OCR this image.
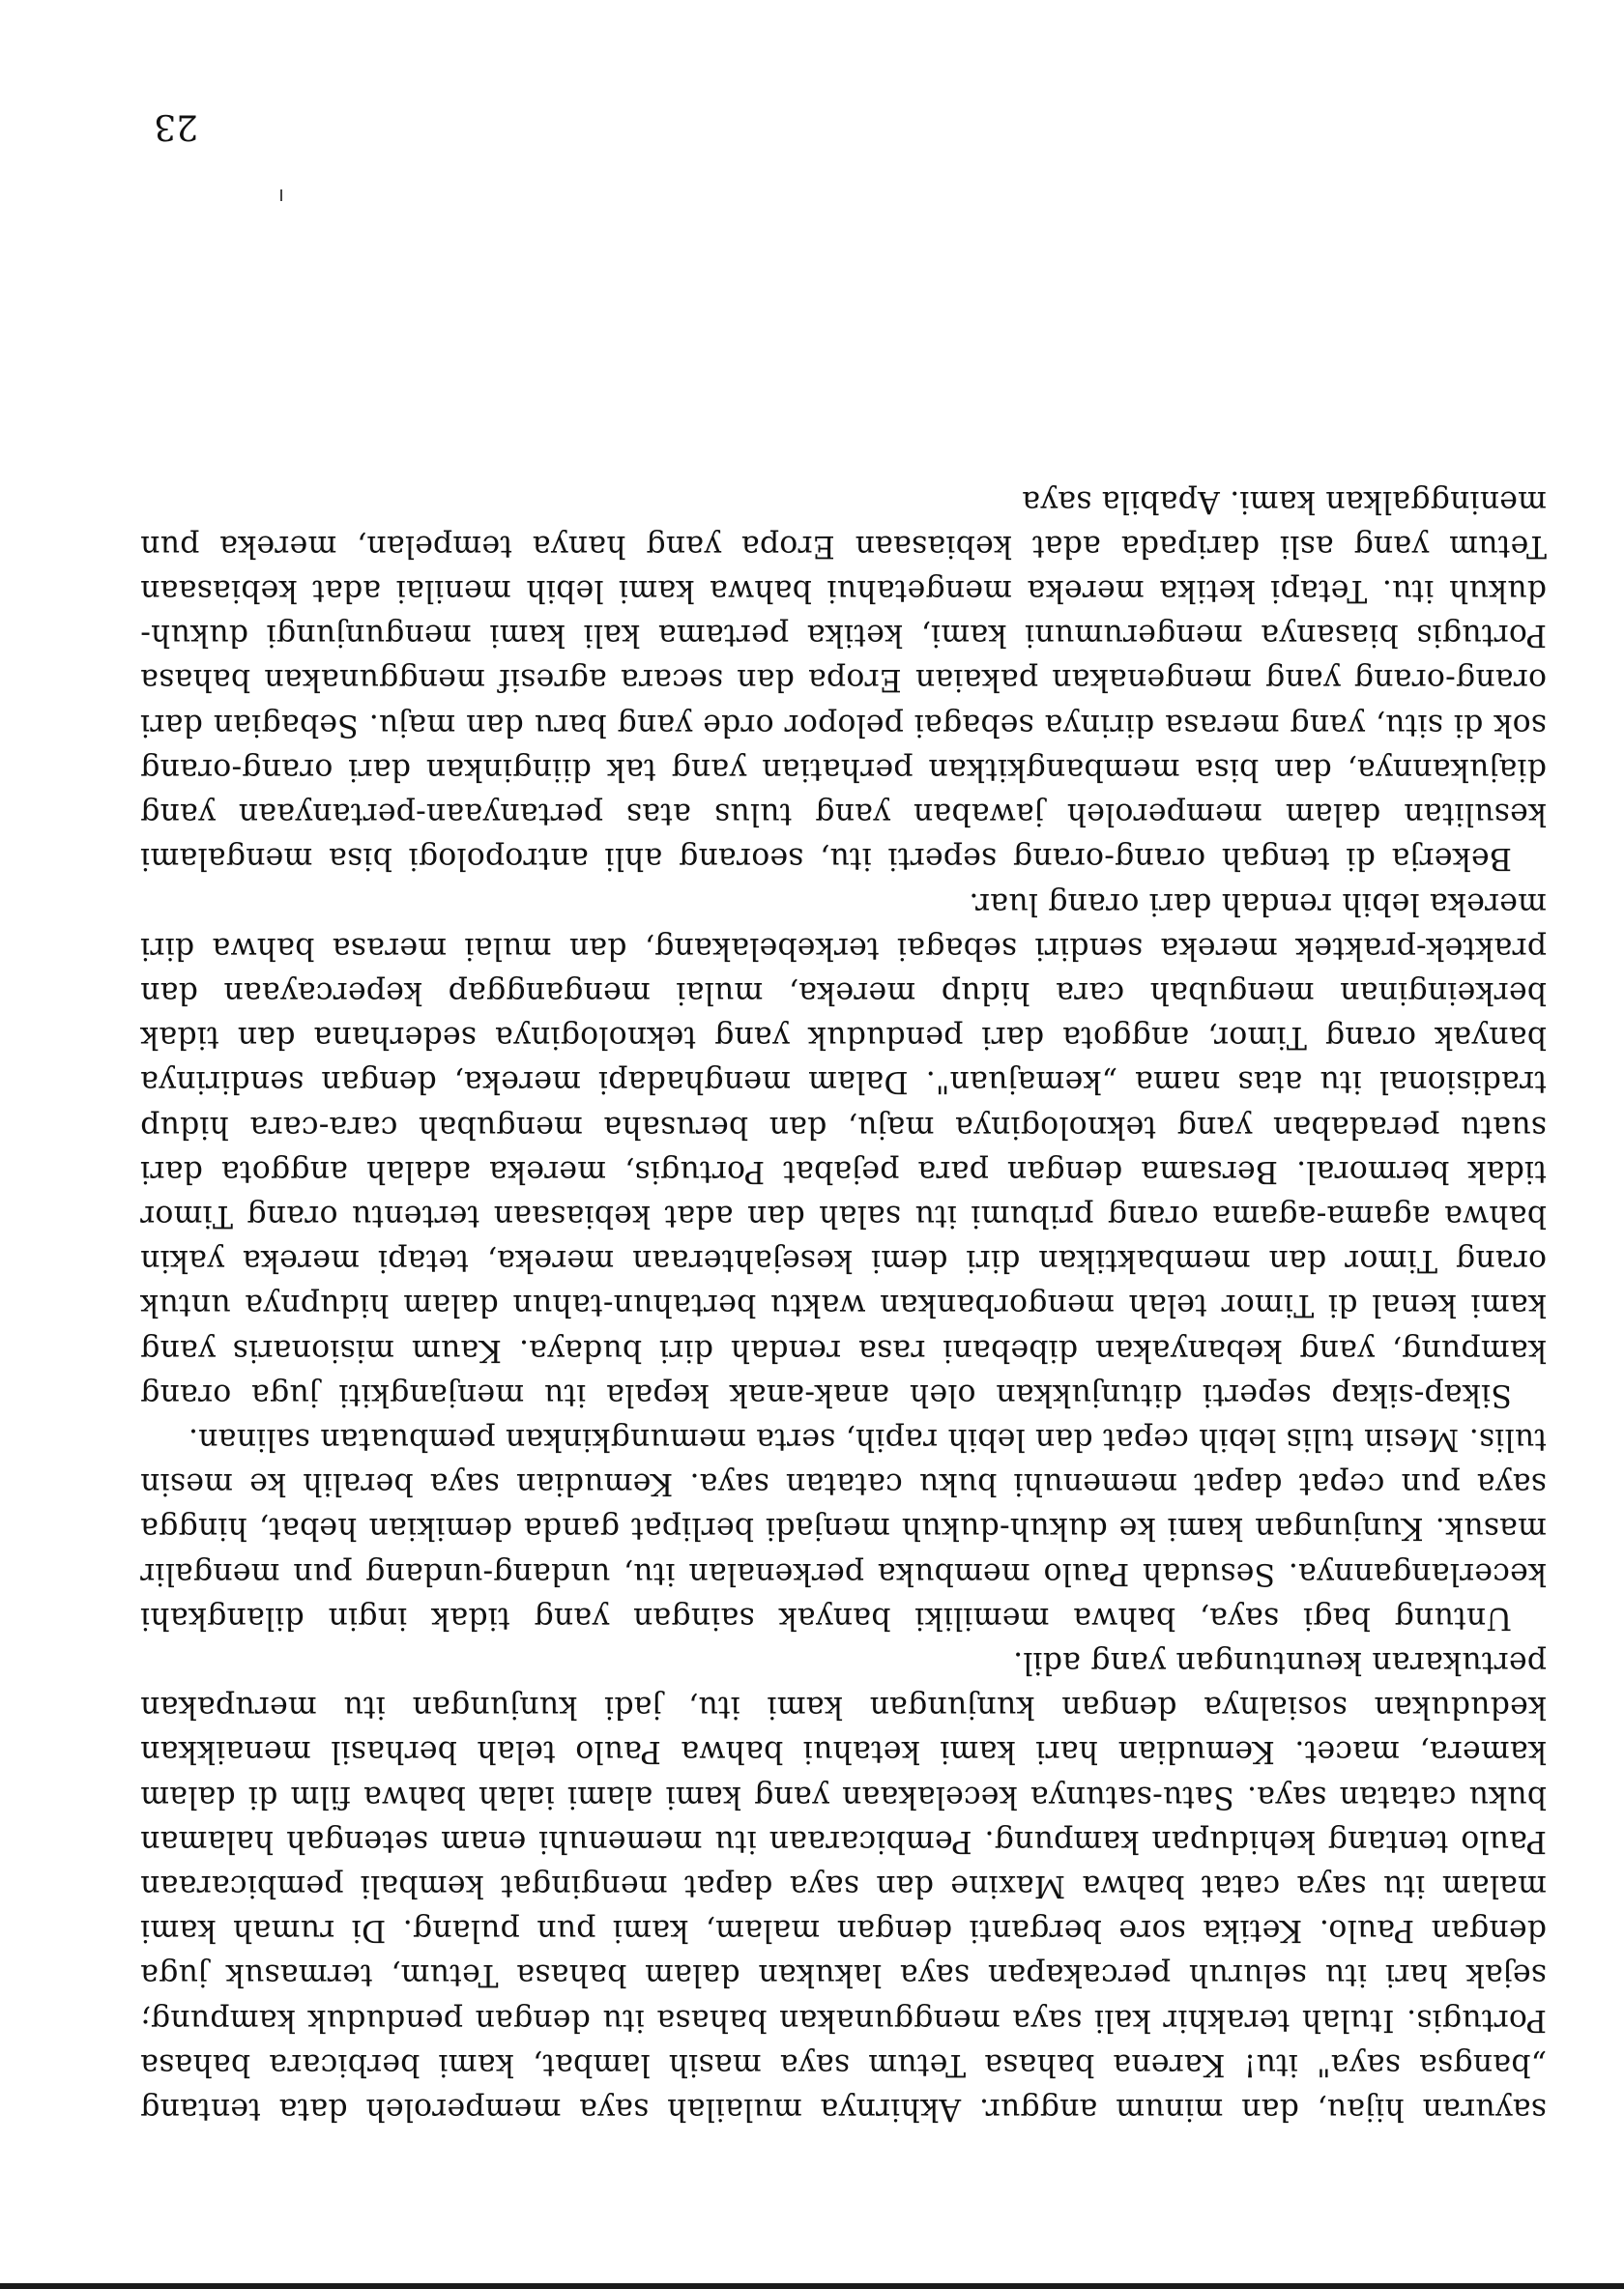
sayuran hijau, dan minum anggur. Akhirnya mulailah saya memperoleh data tentang „bangsa saya" itu! Karena bahasa Tetum saya masih lambat, kami berbicara bahasa Portugis. Itulah terakhir kali saya menggunakan bahasa itu dengan penduduk kampung; sejak hari itu seluruh percakapan saya lakukan dalam bahasa Tetum, termasuk juga dengan Paulo. Ketika sore berganti dengan malam, kami pun pulang. Di rumah kami malam itu saya catat bahwa Maxine dan saya dapat mengingat kembali pembicaraan Paulo tentang kehidupan kampung. Pembicaraan itu memenuhi enam setengah halaman buku catatan saya. Satu-satunya kecelakaan yang kami alami ialah bahwa film di dalam kamera, macet. Kemudian hari kami ketahui bahwa Paulo telah berhasil menaikkan kedudukan sosialnya dengan kunjungan kami itu, jadi kunjungan itu merupakan pertukaran keuntungan yang adil.

Untung bagi saya, bahwa memiliki banyak saingan yang tidak ingin dilangkahi kecerlangannya. Sesudah Paulo membuka perkenalan itu, undang-undang pun mengalir masuk. Kunjungan kami ke dukuh-dukuh menjadi berlipat ganda demikian hebat, hingga saya pun cepat dapat memenuhi buku catatan saya. Kemudian saya beralih ke mesin tulis. Mesin tulis lebih cepat dan lebih rapih, serta memungkinkan pembuatan salinan.

Sikap-sikap seperti ditunjukkan oleh anak-anak kepala itu menjangkiti juga orang kampung, yang kebanyakan dibebani rasa rendah diri budaya. Kaum misionaris yang kami kenal di Timor telah mengorbankan waktu bertahun-tahun dalam hidupnya untuk orang Timor dan membaktikan diri demi kesejahteraan mereka, tetapi mereka yakin bahwa agama-agama orang pribumi itu salah dan adat kebiasaan tertentu orang Timor tidak bermoral. Bersama dengan para pejabat Portugis, mereka adalah anggota dari suatu peradaban yang teknologinya maju, dan berusaha mengubah cara-cara hidup tradisional itu atas nama „kemajuan". Dalam menghadapi mereka, dengan sendirinya banyak orang Timor, anggota dari penduduk yang teknologinya sederhana dan tidak berkeinginan mengubah cara hidup mereka, mulai menganggap kepercayaan dan praktek-praktek mereka sendiri sebagai terkebelakang, dan mulai merasa bahwa diri mereka lebih rendah dari orang luar.

Bekerja di tengah orang-orang seperti itu, seorang ahli antropologi bisa mengalami kesulitan dalam memperoleh jawaban yang tulus atas pertanyaan-pertanyaan yang diajukannya, dan bisa membangkitkan perhatian yang tak diinginkan dari orang-orang sok di situ, yang merasa dirinya sebagai pelopor orde yang baru dan maju. Sebagian dari orang-orang yang mengenakan pakaian Eropa dan secara agresif menggunakan bahasa Portugis biasanya mengerumuni kami, ketika pertama kali kami mengunjungi dukuh-dukuh itu. Tetapi ketika mereka mengetahui bahwa kami lebih menilai adat kebiasaan Tetum yang asli daripada adat kebiasaan Eropa yang hanya tempelan, mereka pun meninggalkan kami. Apabila saya

23
